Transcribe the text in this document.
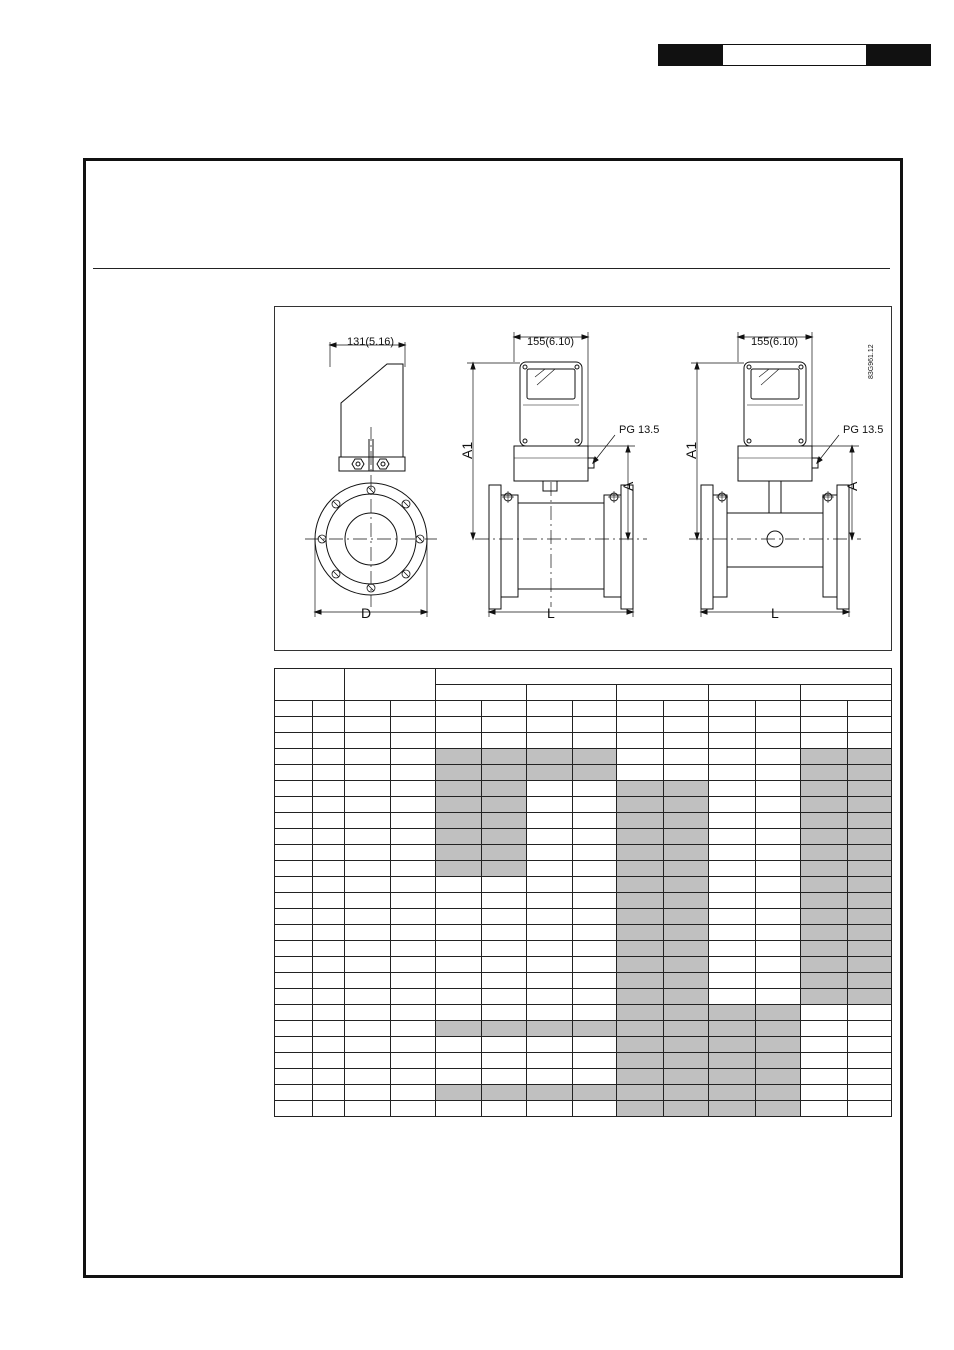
131(5.16)
D
155(6.10)
PG 13.5
A1
A
L
155(6.10)
PG 13.5
A1
A
L
83G961.12
